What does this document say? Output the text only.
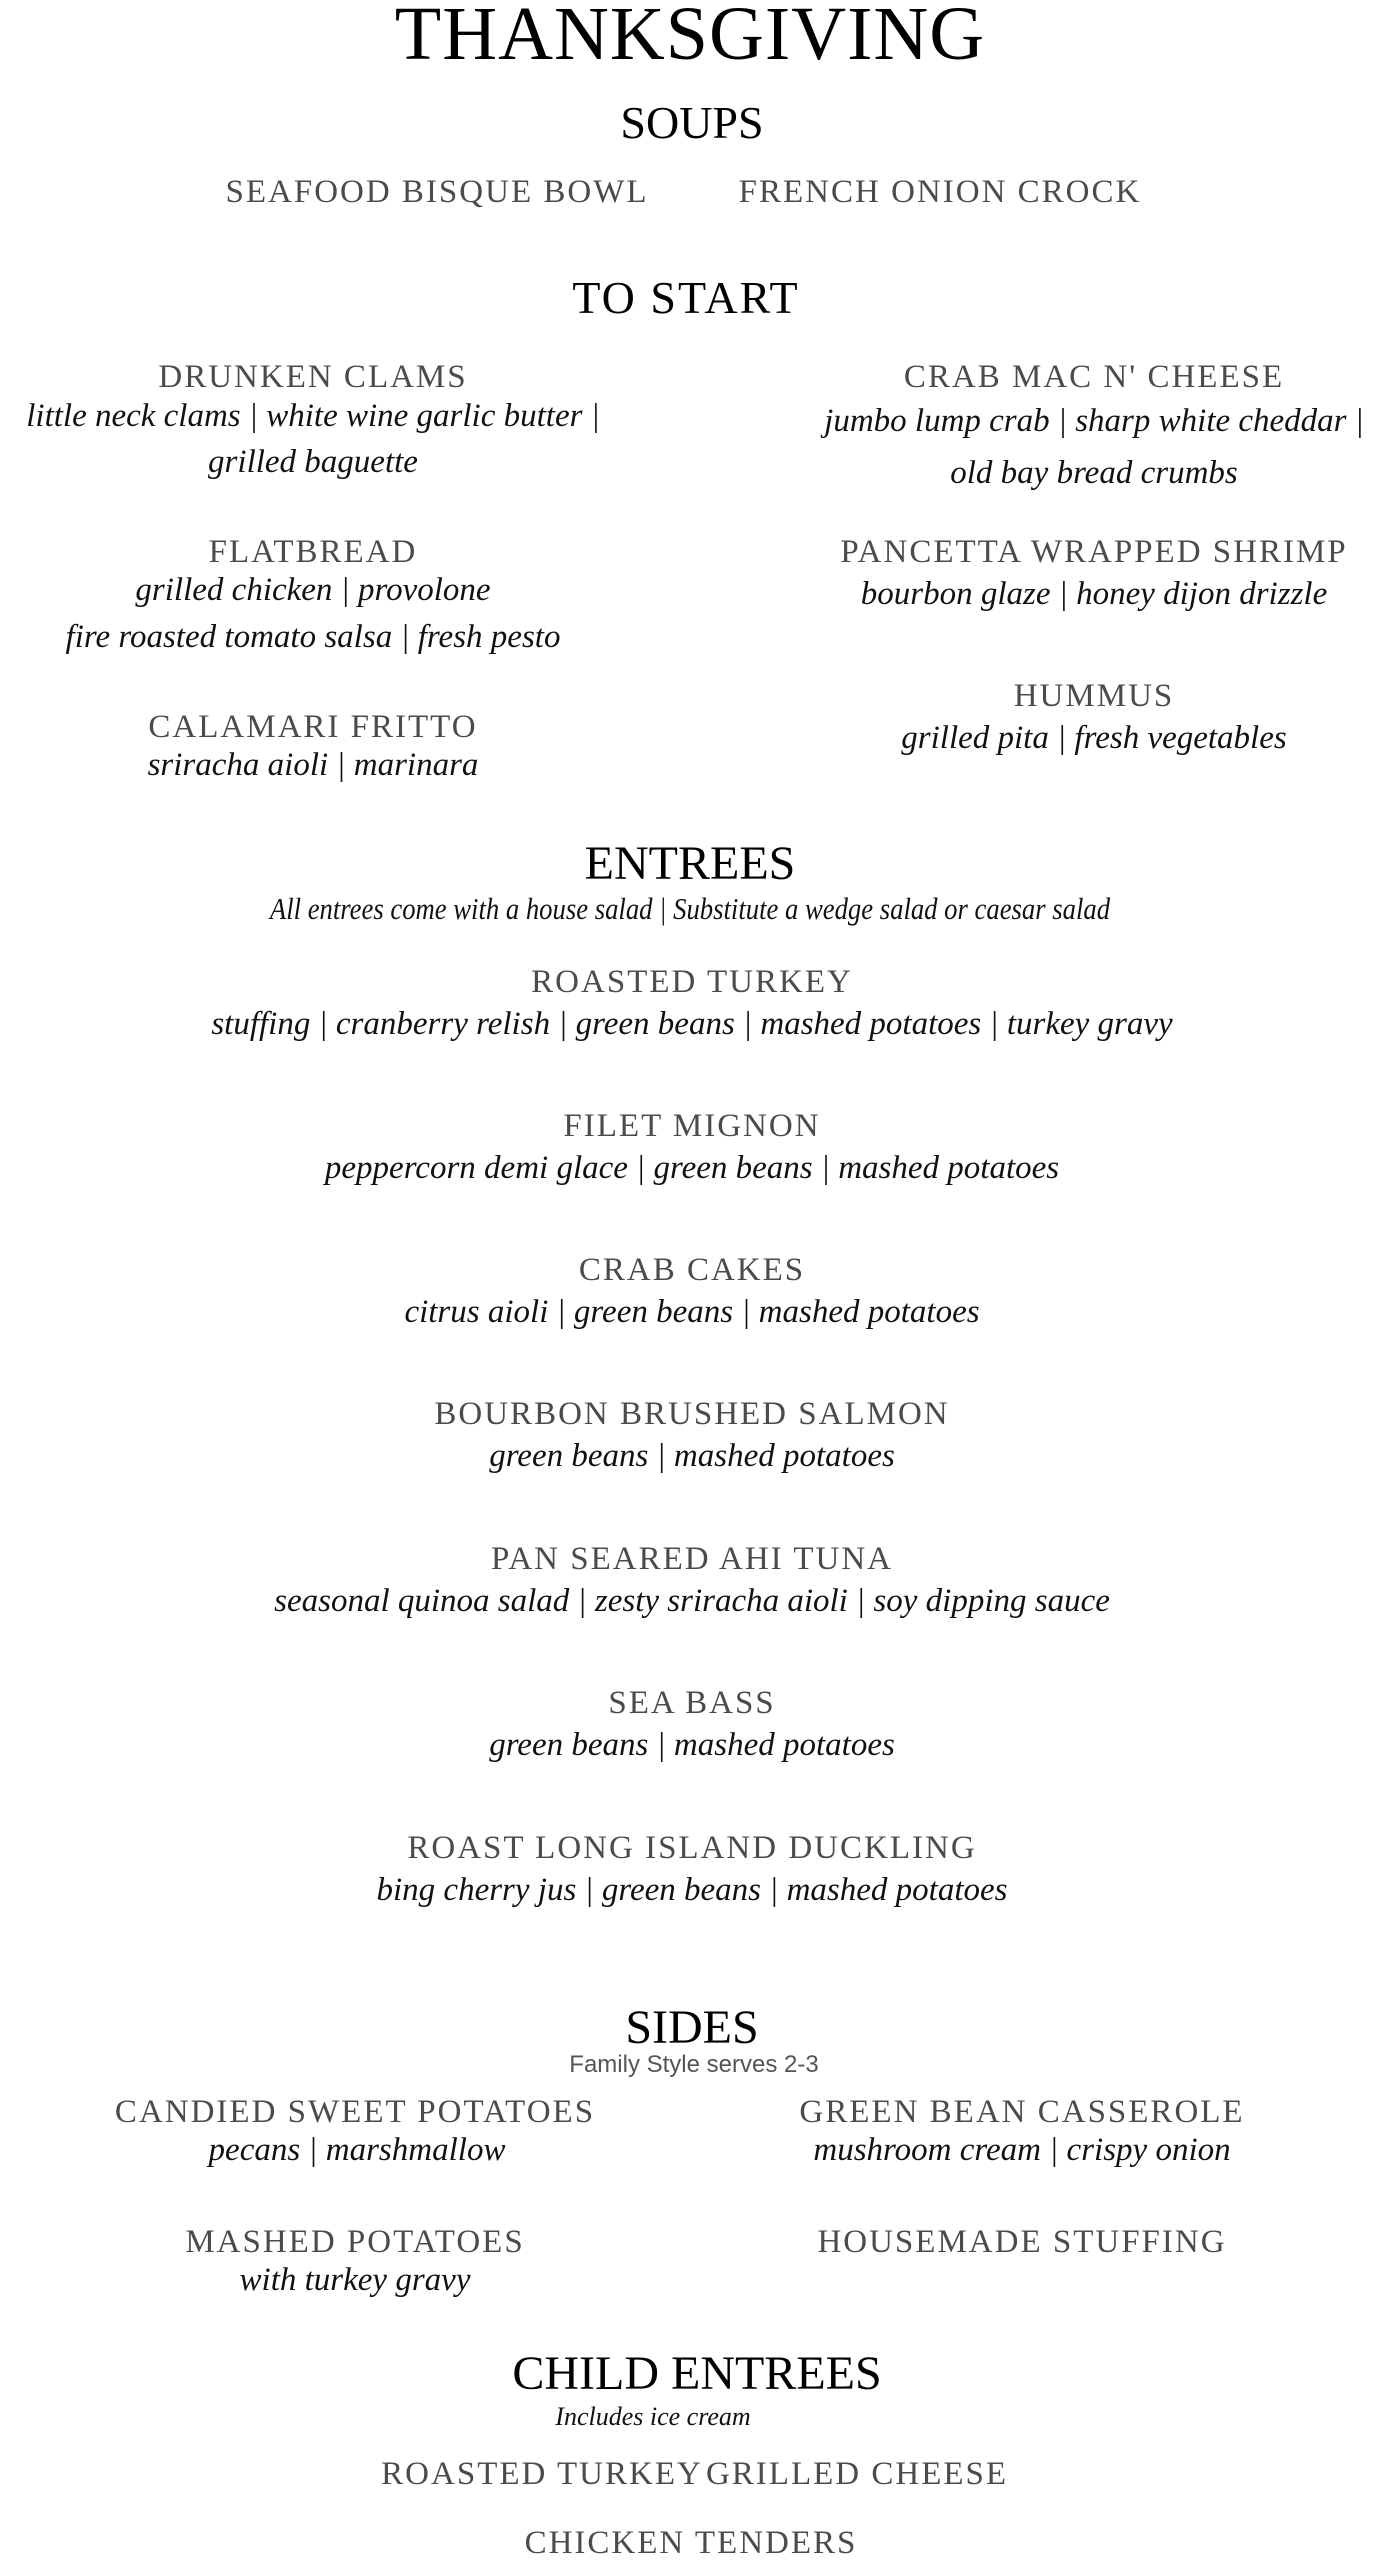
THANKSGIVING
SOUPS
SEAFOOD BISQUE BOWL	FRENCH ONION CROCK
TO START
DRUNKEN CLAMS
little neck clams | white wine garlic butter |
grilled baguette
CRAB MAC N' CHEESE
jumbo lump crab | sharp white cheddar |
old bay bread crumbs
FLATBREAD
grilled chicken | provolone
fire roasted tomato salsa | fresh pesto
PANCETTA WRAPPED SHRIMP
bourbon glaze | honey dijon drizzle
HUMMUS
grilled pita | fresh vegetables
CALAMARI FRITTO
sriracha aioli | marinara
ENTREES
All entrees come with a house salad | Substitute a wedge salad or caesar salad
ROASTED TURKEY
stuffing | cranberry relish | green beans | mashed potatoes | turkey gravy
FILET MIGNON
peppercorn demi glace | green beans | mashed potatoes
CRAB CAKES
citrus aioli | green beans | mashed potatoes
BOURBON BRUSHED SALMON
green beans | mashed potatoes
PAN SEARED AHI TUNA
seasonal quinoa salad | zesty sriracha aioli | soy dipping sauce
SEA BASS
green beans | mashed potatoes
ROAST LONG ISLAND DUCKLING
bing cherry jus | green beans | mashed potatoes
SIDES
Family Style serves 2-3
CANDIED SWEET POTATOES
pecans | marshmallow
GREEN BEAN CASSEROLE
mushroom cream | crispy onion
MASHED POTATOES
with turkey gravy
HOUSEMADE STUFFING
CHILD ENTREES
Includes ice cream
ROASTED TURKEY GRILLED CHEESE
CHICKEN TENDERS
